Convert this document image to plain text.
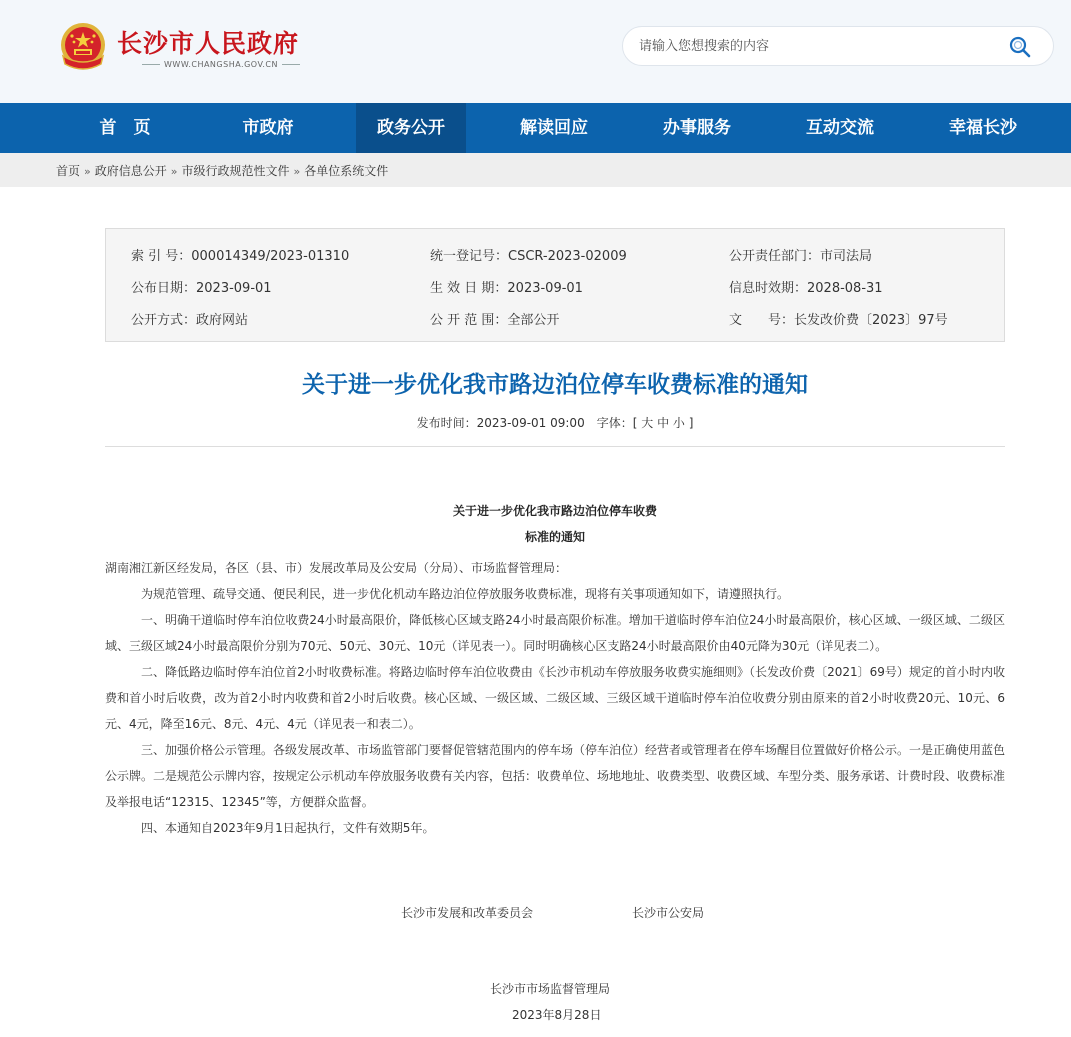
长沙市人民政府
WWW.CHANGSHA.GOV.CN
请输入您想搜索的内容
首　页	市政府	政务公开	解读回应	办事服务	互动交流	幸福长沙
首页 » 政府信息公开 » 市级行政规范性文件 » 各单位系统文件
索 引 号：000014349/2023-01310	统一登记号：CSCR-2023-02009	公开责任部门：市司法局
公布日期：2023-09-01	生 效 日 期：2023-09-01	信息时效期：2028-08-31
公开方式：政府网站	公 开 范 围：全部公开	文　　号：长发改价费〔2023〕97号
关于进一步优化我市路边泊位停车收费标准的通知
发布时间：2023-09-01 09:00　字体：[ 大 中 小 ]
关于进一步优化我市路边泊位停车收费
标准的通知
湖南湘江新区经发局，各区（县、市）发展改革局及公安局（分局）、市场监督管理局：
为规范管理、疏导交通、便民利民，进一步优化机动车路边泊位停放服务收费标准，现将有关事项通知如下，请遵照执行。
一、明确干道临时停车泊位收费24小时最高限价，降低核心区域支路24小时最高限价标准。增加干道临时停车泊位24小时最高限价，核心区域、一级区域、二级区域、三级区域24小时最高限价分别为70元、50元、30元、10元（详见表一）。同时明确核心区支路24小时最高限价由40元降为30元（详见表二）。
二、降低路边临时停车泊位首2小时收费标准。将路边临时停车泊位收费由《长沙市机动车停放服务收费实施细则》（长发改价费〔2021〕69号）规定的首小时内收费和首小时后收费，改为首2小时内收费和首2小时后收费。核心区域、一级区域、二级区域、三级区域干道临时停车泊位收费分别由原来的首2小时收费20元、10元、6元、4元，降至16元、8元、4元、4元（详见表一和表二）。
三、加强价格公示管理。各级发展改革、市场监管部门要督促管辖范围内的停车场（停车泊位）经营者或管理者在停车场醒目位置做好价格公示。一是正确使用蓝色公示牌。二是规范公示牌内容，按规定公示机动车停放服务收费有关内容，包括：收费单位、场地地址、收费类型、收费区域、车型分类、服务承诺、计费时段、收费标准及举报电话“12315、12345”等，方便群众监督。
四、本通知自2023年9月1日起执行，文件有效期5年。
长沙市发展和改革委员会	长沙市公安局
长沙市市场监督管理局
2023年8月28日
